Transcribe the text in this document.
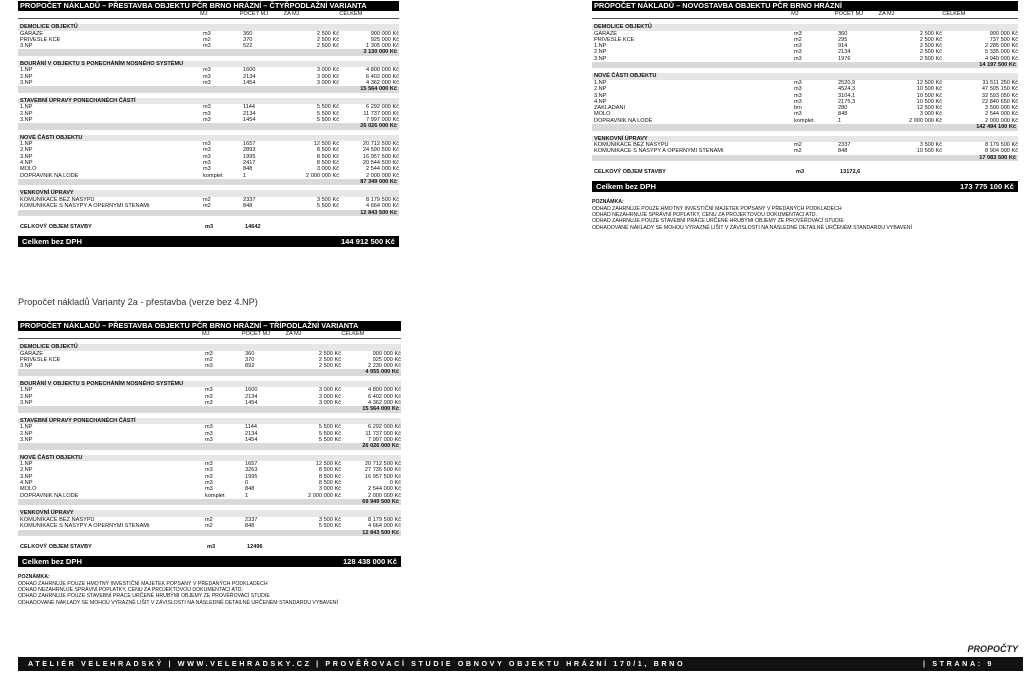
PROPOČET NÁKLADŮ – PŘESTAVBA OBJEKTU PČR BRNO HRÁZNÍ – ČTYŘPODLAŽNÍ VARIANTA
MJ	POČET MJ	ZA MJ	CELKEM
DEMOLICE OBJEKTŮ
GARÁŽE	m3	360	2 500 Kč	900 000 Kč
PŘÍVĚSLÉ KCE	m2	370	2 500 Kč	925 000 Kč
3.NP	m3	522	2 500 Kč	1 305 000 Kč
3 130 000 Kč
BOURÁNÍ V OBJEKTU S PONECHÁNÍM NOSNÉHO SYSTÉMU
1.NP	m3	1600	3 000 Kč	4 800 000 Kč
2.NP	m3	2134	3 000 Kč	6 402 000 Kč
3.NP	m3	1454	3 000 Kč	4 362 000 Kč
15 564 000 Kč
STAVEBNÍ ÚPRAVY PONECHANÉCH ČÁSTÍ
1.NP	m3	1144	5 500 Kč	6 292 000 Kč
2.NP	m3	2134	5 500 Kč	11 737 000 Kč
3.NP	m3	1454	5 500 Kč	7 997 000 Kč
26 026 000 Kč
NOVÉ ČÁSTI OBJEKTU
1.NP	m3	1657	12 500 Kč	20 712 500 Kč
2.NP	m3	2893	8 500 Kč	24 590 500 Kč
3.NP	m3	1995	8 500 Kč	16 957 500 Kč
4.NP	m3	2417	8 500 Kč	20 544 500 Kč
MOLO	m3	848	3 000 Kč	2 544 000 Kč
DOPRAVNÍK NA LODĚ	komplet	1	2 000 000 Kč	2 000 000 Kč
87 349 000 Kč
VENKOVNÍ ÚPRAVY
KOMUNIKACE BEZ NÁSYPŮ	m2	2337	3 500 Kč	8 179 500 Kč
KOMUNIKACE S NÁSYPY A OPĚRNÝMI STĚNAMI	m2	848	5 500 Kč	4 664 000 Kč
12 843 500 Kč
CELKOVÝ OBJEM STAVBY	m3	14642
Celkem bez DPH	144 912 500 Kč
Propočet nákladů Varianty 2a - přestavba (verze bez 4.NP)
PROPOČET NÁKLADŮ – PŘESTAVBA OBJEKTU PČR BRNO HRÁZNÍ – TŘÍPODLAŽNÍ VARIANTA
MJ	POČET MJ	ZA MJ	CELKEM
DEMOLICE OBJEKTŮ
GARÁŽE	m3	360	2 500 Kč	900 000 Kč
PŘÍVĚSLÉ KCE	m2	370	2 500 Kč	925 000 Kč
3.NP	m3	892	2 500 Kč	2 230 000 Kč
4 055 000 Kč
BOURÁNÍ V OBJEKTU S PONECHÁNÍM NOSNÉHO SYSTÉMU
1.NP	m3	1600	3 000 Kč	4 800 000 Kč
2.NP	m3	2134	3 000 Kč	6 402 000 Kč
3.NP	m3	1454	3 000 Kč	4 362 000 Kč
15 564 000 Kč
STAVEBNÍ ÚPRAVY PONECHANÉCH ČÁSTÍ
1.NP	m3	1144	5 500 Kč	6 292 000 Kč
2.NP	m3	2134	5 500 Kč	11 737 000 Kč
3.NP	m3	1454	5 500 Kč	7 997 000 Kč
26 026 000 Kč
NOVÉ ČÁSTI OBJEKTU
1.NP	m3	1657	12 500 Kč	20 712 500 Kč
2.NP	m3	3263	8 500 Kč	27 735 500 Kč
3.NP	m3	1995	8 500 Kč	16 957 500 Kč
4.NP	m3	0	8 500 Kč	0 Kč
MOLO	m3	848	3 000 Kč	2 544 000 Kč
DOPRAVNÍK NA LODĚ	komplet	1	2 000 000 Kč	2 000 000 Kč
69 949 500 Kč
VENKOVNÍ ÚPRAVY
KOMUNIKACE BEZ NÁSYPŮ	m2	2337	3 500 Kč	8 179 500 Kč
KOMUNIKACE S NÁSYPY A OPĚRNÝMI STĚNAMI	m2	848	5 500 Kč	4 664 000 Kč
12 843 500 Kč
CELKOVÝ OBJEM STAVBY	m3	12496
Celkem bez DPH	128 438 000 Kč
POZNÁMKA:
ODHAD ZAHRNUJE POUZE HMOTNÝ INVESTIČNÍ MAJETEK POPSANÝ V PŘEDANÝCH PODKLADECH
ODHAD NEZAHRNUJE SPRÁVNÍ POPLATKY, CENU ZA PROJEKTOVOU DOKUMENTACI ATD.
ODHAD ZAHRNUJE POUZE STAVEBNÍ PRÁCE URČENÉ HRUBÝMI OBJEMY ZE PROVĚŘOVACÍ STUDIE
ODHADOVANÉ NÁKLADY SE MOHOU VÝRAZNĚ LIŠIT V ZÁVISLOSTI NA NÁSLEDNĚ DETAILNĚ URČENÉM STANDARDU VYBAVENÍ
PROPOČET NÁKLADŮ – NOVOSTAVBA OBJEKTU PČR BRNO HRÁZNÍ
MJ	POČET MJ	ZA MJ	CELKEM
DEMOLICE OBJEKTŮ
GARÁŽE	m3	360	2 500 Kč	900 000 Kč
PŘÍVĚSLÉ KCE	m2	295	2 500 Kč	737 500 Kč
1.NP	m3	914	2 500 Kč	2 285 000 Kč
2.NP	m3	2134	2 500 Kč	5 335 000 Kč
3.NP	m3	1976	2 500 Kč	4 940 000 Kč
14 197 500 Kč
NOVÉ ČÁSTI OBJEKTU
1.NP	m3	2520,9	12 500 Kč	31 511 250 Kč
2.NP	m3	4524,3	10 500 Kč	47 505 150 Kč
3.NP	m3	3104,1	10 500 Kč	32 593 050 Kč
4.NP	m3	2175,3	10 500 Kč	22 840 650 Kč
ZAKLÁDÁNÍ	bm	280	12 500 Kč	3 500 000 Kč
MOLO	m3	848	3 000 Kč	2 544 000 Kč
DOPRAVNÍK NA LODĚ	komplet	1	2 000 000 Kč	2 000 000 Kč
142 494 100 Kč
VENKOVNÍ ÚPRAVY
KOMUNIKACE BEZ NÁSYPŮ	m2	2337	3 500 Kč	8 179 500 Kč
KOMUNIKACE S NÁSYPY A OPĚRNÝMI STĚNAMI	m2	848	10 500 Kč	8 904 000 Kč
17 083 500 Kč
CELKOVÝ OBJEM STAVBY	m3	13172,6
Celkem bez DPH	173 775 100 Kč
POZNÁMKA:
ODHAD ZAHRNUJE POUZE HMOTNÝ INVESTIČNÍ MAJETEK POPSANÝ V PŘEDANÝCH PODKLADECH
ODHAD NEZAHRNUJE SPRÁVNÍ POPLATKY, CENU ZA PROJEKTOVOU DOKUMENTACI ATD.
ODHAD ZAHRNUJE POUZE STAVEBNÍ PRÁCE URČENÉ HRUBÝMI OBJEMY ZE PROVĚŘOVACÍ STUDIE
ODHADOVANÉ NÁKLADY SE MOHOU VÝRAZNĚ LIŠIT V ZÁVISLOSTI NA NÁSLEDNĚ DETAILNĚ URČENÉM STANDARDU VYBAVENÍ
PROPOČTY
ATELIÉR VELEHRADSKÝ | WWW.VELEHRADSKY.CZ | PROVĚŘOVACÍ STUDIE OBNOVY OBJEKTU HRÁZNÍ 170/1, BRNO	| STRANA: 9
